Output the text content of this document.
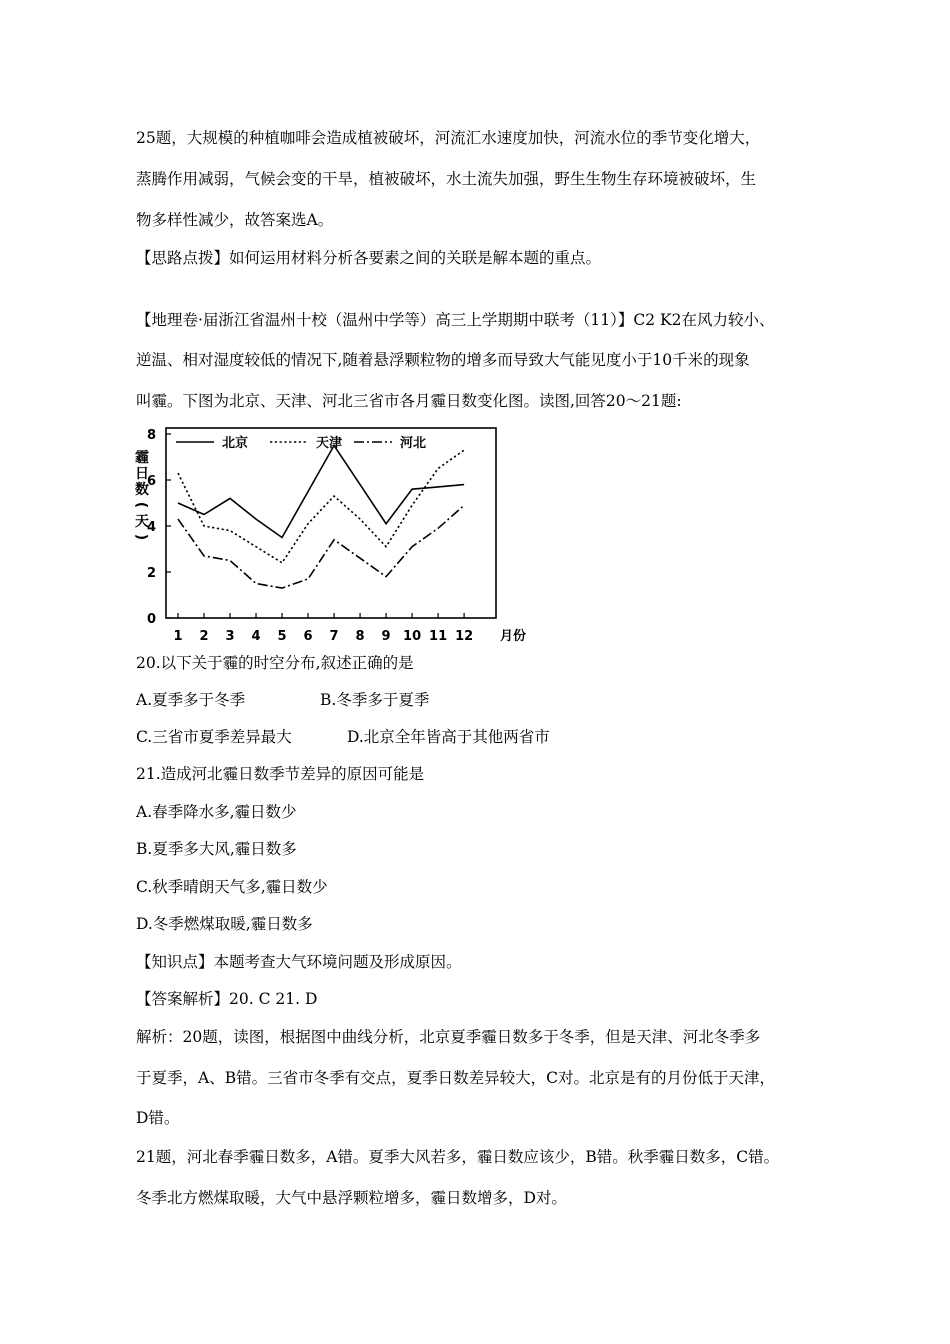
25题，大规模的种植咖啡会造成植被破坏，河流汇水速度加快，河流水位的季节变化增大，
蒸腾作用减弱，气候会变的干旱，植被破坏，水土流失加强，野生生物生存环境被破坏，生
物多样性减少，故答案选A。
【思路点拨】如何运用材料分析各要素之间的关联是解本题的重点。
【地理卷·届浙江省温州十校（温州中学等）高三上学期期中联考（11）】C2 K2在风力较小、
逆温、相对湿度较低的情况下,随着悬浮颗粒物的增多而导致大气能见度小于10千米的现象
叫霾。下图为北京、天津、河北三省市各月霾日数变化图。读图,回答20～21题:
0
2
4
6
8
1 2 3 4 5 6 7 8 9 10 11 12 月份
霾
日
数
(
天
)
北京	天津	河北
20.以下关于霾的时空分布,叙述正确的是
A.夏季多于冬季	B.冬季多于夏季
C.三省市夏季差异最大	D.北京全年皆高于其他两省市
21.造成河北霾日数季节差异的原因可能是
A.春季降水多,霾日数少
B.夏季多大风,霾日数多
C.秋季晴朗天气多,霾日数少
D.冬季燃煤取暖,霾日数多
【知识点】本题考查大气环境问题及形成原因。
【答案解析】20. C 21. D
解析：20题，读图，根据图中曲线分析，北京夏季霾日数多于冬季，但是天津、河北冬季多
于夏季，A、B错。三省市冬季有交点，夏季日数差异较大，C对。北京是有的月份低于天津，
D错。
21题，河北春季霾日数多，A错。夏季大风若多，霾日数应该少，B错。秋季霾日数多，C错。
冬季北方燃煤取暖，大气中悬浮颗粒增多，霾日数增多，D对。
